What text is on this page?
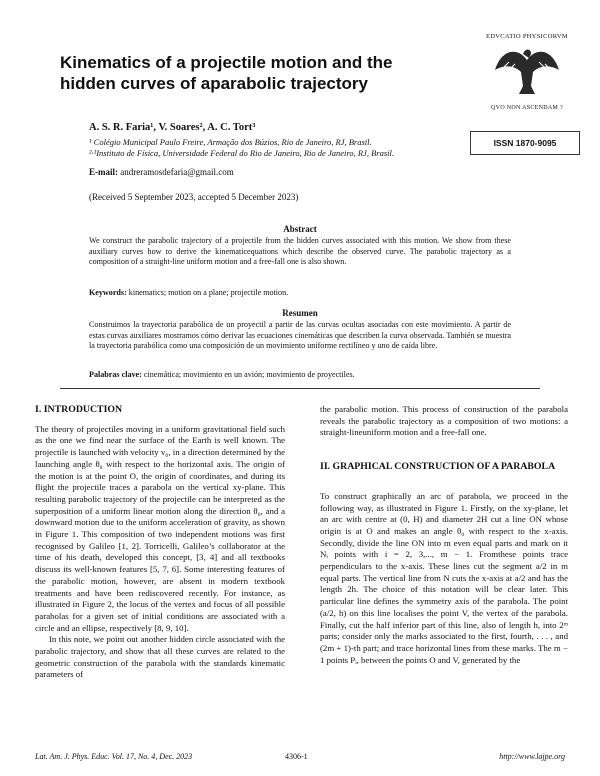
Kinematics of a projectile motion and the hidden curves of aparabolic trajectory
EDVCATIO PHYSICORVM
QVO NON ASCENDAM ?
ISSN 1870-9095
A. S. R. Faria¹, V. Soares², A. C. Tort³
¹ Colégio Municipal Paulo Freire, Armação dos Búzios, Rio de Janeiro, RJ, Brasil.
²·³Instituto de Física, Universidade Federal do Rio de Janeiro, Rio de Janeiro, RJ, Brasil.
E-mail: andreramosdefaria@gmail.com
(Received 5 September 2023, accepted 5 December 2023)
Abstract
We construct the parabolic trajectory of a projectile from the hidden curves associated with this motion. We show from these auxiliary curves how to derive the kinematicequations which describe the observed curve. The parabolic trajectory as a composition of a straight-line uniform motion and a free-fall one is also shown.
Keywords: kinematics; motion on a plane; projectile motion.
Resumen
Construimos la trayectoria parabólica de un proyectil a partir de las curvas ocultas asociadas con este movimiento. A partir de estas curvas auxiliares mostramos cómo derivar las ecuaciones cinemáticas que describen la curva observada. También se muestra la trayectoria parabólica como una composición de un movimiento uniforme rectilíneo y uno de caída libre.
Palabras clave: cinemática; movimiento en un avión; movimiento de proyectiles.
I. INTRODUCTION

The theory of projectiles moving in a uniform gravitational field such as the one we find near the surface of the Earth is well known. The projectile is launched with velocity v₀, in a direction determined by the launching angle θ₀ with respect to the horizontal axis. The origin of the motion is at the point O, the origin of coordinates, and during its flight the projectile traces a parabola on the vertical xy-plane. This resulting parabolic trajectory of the projectile can be interpreted as the superposition of a uniform linear motion along the direction θ₀, and a downward motion due to the uniform acceleration of gravity, as shown in Figure 1. This composition of two independent motions was first recognised by Galileo [1, 2]. Torricelli, Galileo’s collaborator at the time of his death, developed this concept, [3, 4] and all textbooks discuss its well-known features [5, 7, 6]. Some interesting features of the parabolic motion, however, are absent in modern textbook treatments and have been rediscovered recently. For instance, as illustrated in Figure 2, the locus of the vertex and focus of all possible parabolas for a given set of initial conditions are associated with a circle and an ellipse, respectively [8, 9, 10].

In this note, we point out another hidden circle associated with the parabolic trajectory, and show that all these curves are related to the geometric construction of the parabola with the standards kinematic parameters of

the parabolic motion. This process of construction of the parabola reveals the parabolic trajectory as a composition of two motions: a straight-lineuniform motion and a free-fall one.

II. GRAPHICAL CONSTRUCTION OF A PARABOLA

To construct graphically an arc of parabola, we proceed in the following way, as illustrated in Figure 1. Firstly, on the xy-plane, let an arc with centre at (0, H) and diameter 2H cut a line ON whose origin is at O and makes an angle θ₀ with respect to the x-axis. Secondly, divide the line ON into m even equal parts and mark on it Nᵢ points with i = 2, 3,..., m − 1. Fromthese points trace perpendiculars to the x-axis. These lines cut the segment a/2 in m equal parts. The vertical line from N cuts the x-axis at a/2 and has the length 2h. The choice of this notation will be clear later. This particular line defines the symmetry axis of the parabola. The point (a/2, h) on this line localises the point V, the vertex of the parabola. Finally, cut the half inferior part of this line, also of length h, into 2ᵐ parts; consider only the marks associated to the first, fourth, . . . , and (2m + 1)-th part; and trace horizontal lines from these marks. The m − 1 points Pᵢ, between the points O and V, generated by the

Lat. Am. J. Phys. Educ. Vol. 17, No. 4, Dec. 2023	4306-1	http://www.lajpe.org
